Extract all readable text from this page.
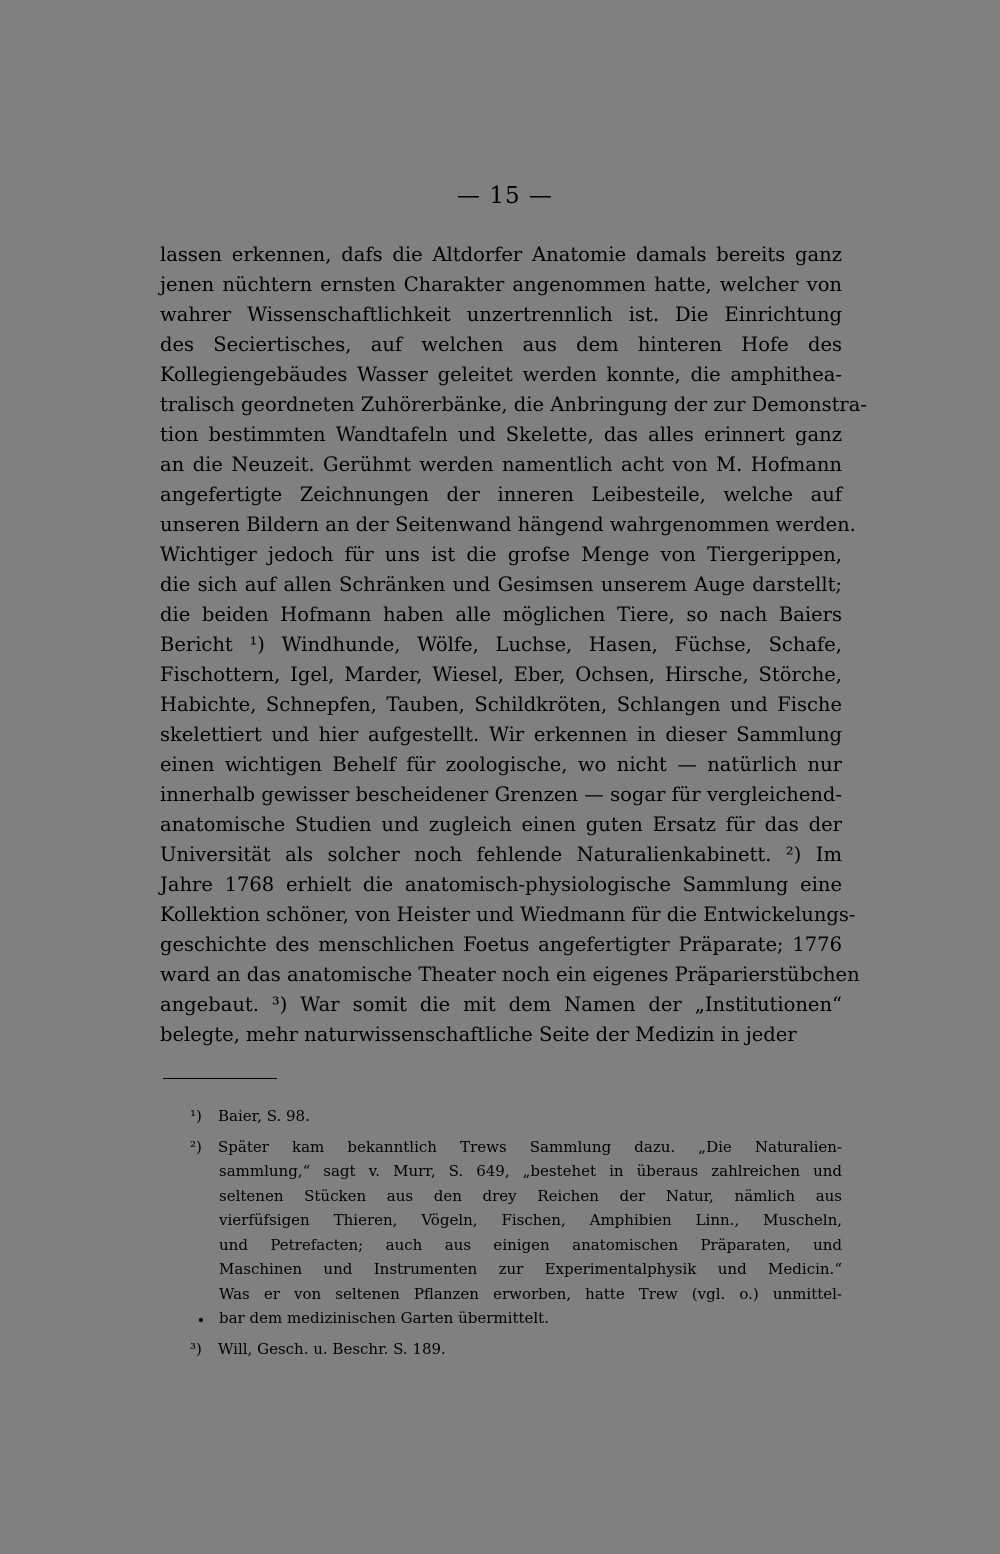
— 15 —
lassen erkennen, dafs die Altdorfer Anatomie damals bereits ganz
jenen nüchtern ernsten Charakter angenommen hatte, welcher von
wahrer Wissenschaftlichkeit unzertrennlich ist. Die Einrichtung
des Seciertisches, auf welchen aus dem hinteren Hofe des
Kollegiengebäudes Wasser geleitet werden konnte, die amphithea-
tralisch geordneten Zuhörerbänke, die Anbringung der zur Demonstra-
tion bestimmten Wandtafeln und Skelette, das alles erinnert ganz
an die Neuzeit. Gerühmt werden namentlich acht von M. Hofmann
angefertigte Zeichnungen der inneren Leibesteile, welche auf
unseren Bildern an der Seitenwand hängend wahrgenommen werden.
Wichtiger jedoch für uns ist die grofse Menge von Tiergerippen,
die sich auf allen Schränken und Gesimsen unserem Auge darstellt;
die beiden Hofmann haben alle möglichen Tiere, so nach Baiers
Bericht ¹) Windhunde, Wölfe, Luchse, Hasen, Füchse, Schafe,
Fischottern, Igel, Marder, Wiesel, Eber, Ochsen, Hirsche, Störche,
Habichte, Schnepfen, Tauben, Schildkröten, Schlangen und Fische
skelettiert und hier aufgestellt. Wir erkennen in dieser Sammlung
einen wichtigen Behelf für zoologische, wo nicht — natürlich nur
innerhalb gewisser bescheidener Grenzen — sogar für vergleichend-
anatomische Studien und zugleich einen guten Ersatz für das der
Universität als solcher noch fehlende Naturalienkabinett. ²) Im
Jahre 1768 erhielt die anatomisch-physiologische Sammlung eine
Kollektion schöner, von Heister und Wiedmann für die Entwickelungs-
geschichte des menschlichen Foetus angefertigter Präparate; 1776
ward an das anatomische Theater noch ein eigenes Präparierstübchen
angebaut. ³) War somit die mit dem Namen der „Institutionen“
belegte, mehr naturwissenschaftliche Seite der Medizin in jeder
¹) Baier, S. 98.
²) Später kam bekanntlich Trews Sammlung dazu. „Die Naturalien-
sammlung,“ sagt v. Murr, S. 649, „bestehet in überaus zahlreichen und
seltenen Stücken aus den drey Reichen der Natur, nämlich aus
vierfüfsigen Thieren, Vögeln, Fischen, Amphibien Linn., Muscheln,
und Petrefacten; auch aus einigen anatomischen Präparaten, und
Maschinen und Instrumenten zur Experimentalphysik und Medicin.“
Was er von seltenen Pflanzen erworben, hatte Trew (vgl. o.) unmittel-
bar dem medizinischen Garten übermittelt.
³) Will, Gesch. u. Beschr. S. 189.
